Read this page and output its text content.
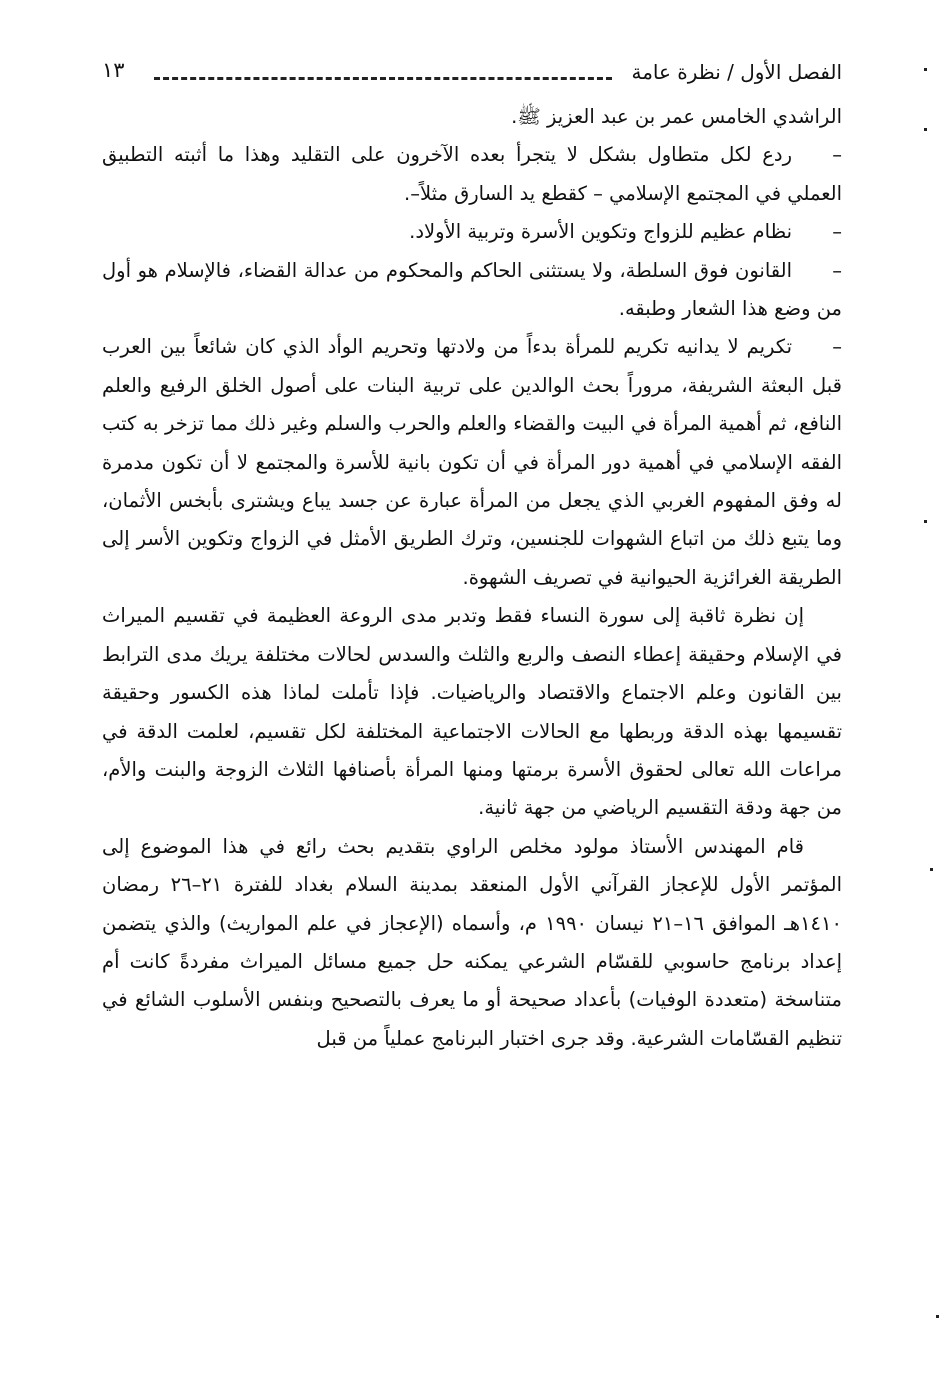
الفصل الأول / نظرة عامة
١٣

الراشدي الخامس عمر بن عبد العزيز ﷺ.

–ردع لكل متطاول بشكل لا يتجرأ بعده الآخرون على التقليد وهذا ما أثبته التطبيق العملي في المجتمع الإسلامي – كقطع يد السارق مثلاً–.

–نظام عظيم للزواج وتكوين الأسرة وتربية الأولاد.

–القانون فوق السلطة، ولا يستثنى الحاكم والمحكوم من عدالة القضاء، فالإسلام هو أول من وضع هذا الشعار وطبقه.

–تكريم لا يدانيه تكريم للمرأة بدءاً من ولادتها وتحريم الوأد الذي كان شائعاً بين العرب قبل البعثة الشريفة، مروراً بحث الوالدين على تربية البنات على أصول الخلق الرفيع والعلم النافع، ثم أهمية المرأة في البيت والقضاء والعلم والحرب والسلم وغير ذلك مما تزخر به كتب الفقه الإسلامي في أهمية دور المرأة في أن تكون بانية للأسرة والمجتمع لا أن تكون مدمرة له وفق المفهوم الغربي الذي يجعل من المرأة عبارة عن جسد يباع ويشترى بأبخس الأثمان، وما يتبع ذلك من اتباع الشهوات للجنسين، وترك الطريق الأمثل في الزواج وتكوين الأسر إلى الطريقة الغرائزية الحيوانية في تصريف الشهوة.

إن نظرة ثاقبة إلى سورة النساء فقط وتدبر مدى الروعة العظيمة في تقسيم الميراث في الإسلام وحقيقة إعطاء النصف والربع والثلث والسدس لحالات مختلفة يريك مدى الترابط بين القانون وعلم الاجتماع والاقتصاد والرياضيات. فإذا تأملت لماذا هذه الكسور وحقيقة تقسيمها بهذه الدقة وربطها مع الحالات الاجتماعية المختلفة لكل تقسيم، لعلمت الدقة في مراعات الله تعالى لحقوق الأسرة برمتها ومنها المرأة بأصنافها الثلاث الزوجة والبنت والأم، من جهة ودقة التقسيم الرياضي من جهة ثانية.

قام المهندس الأستاذ مولود مخلص الراوي بتقديم بحث رائع في هذا الموضوع إلى المؤتمر الأول للإعجاز القرآني الأول المنعقد بمدينة السلام بغداد للفترة ٢١–٢٦ رمضان ١٤١٠هـ الموافق ١٦–٢١ نيسان ١٩٩٠ م، وأسماه (الإعجاز في علم المواريث) والذي يتضمن إعداد برنامج حاسوبي للقسّام الشرعي يمكنه حل جميع مسائل الميراث مفردةً كانت أم متناسخة (متعددة الوفيات) بأعداد صحيحة أو ما يعرف بالتصحيح وبنفس الأسلوب الشائع في تنظيم القسّامات الشرعية. وقد جرى اختبار البرنامج عملياً من قبل
